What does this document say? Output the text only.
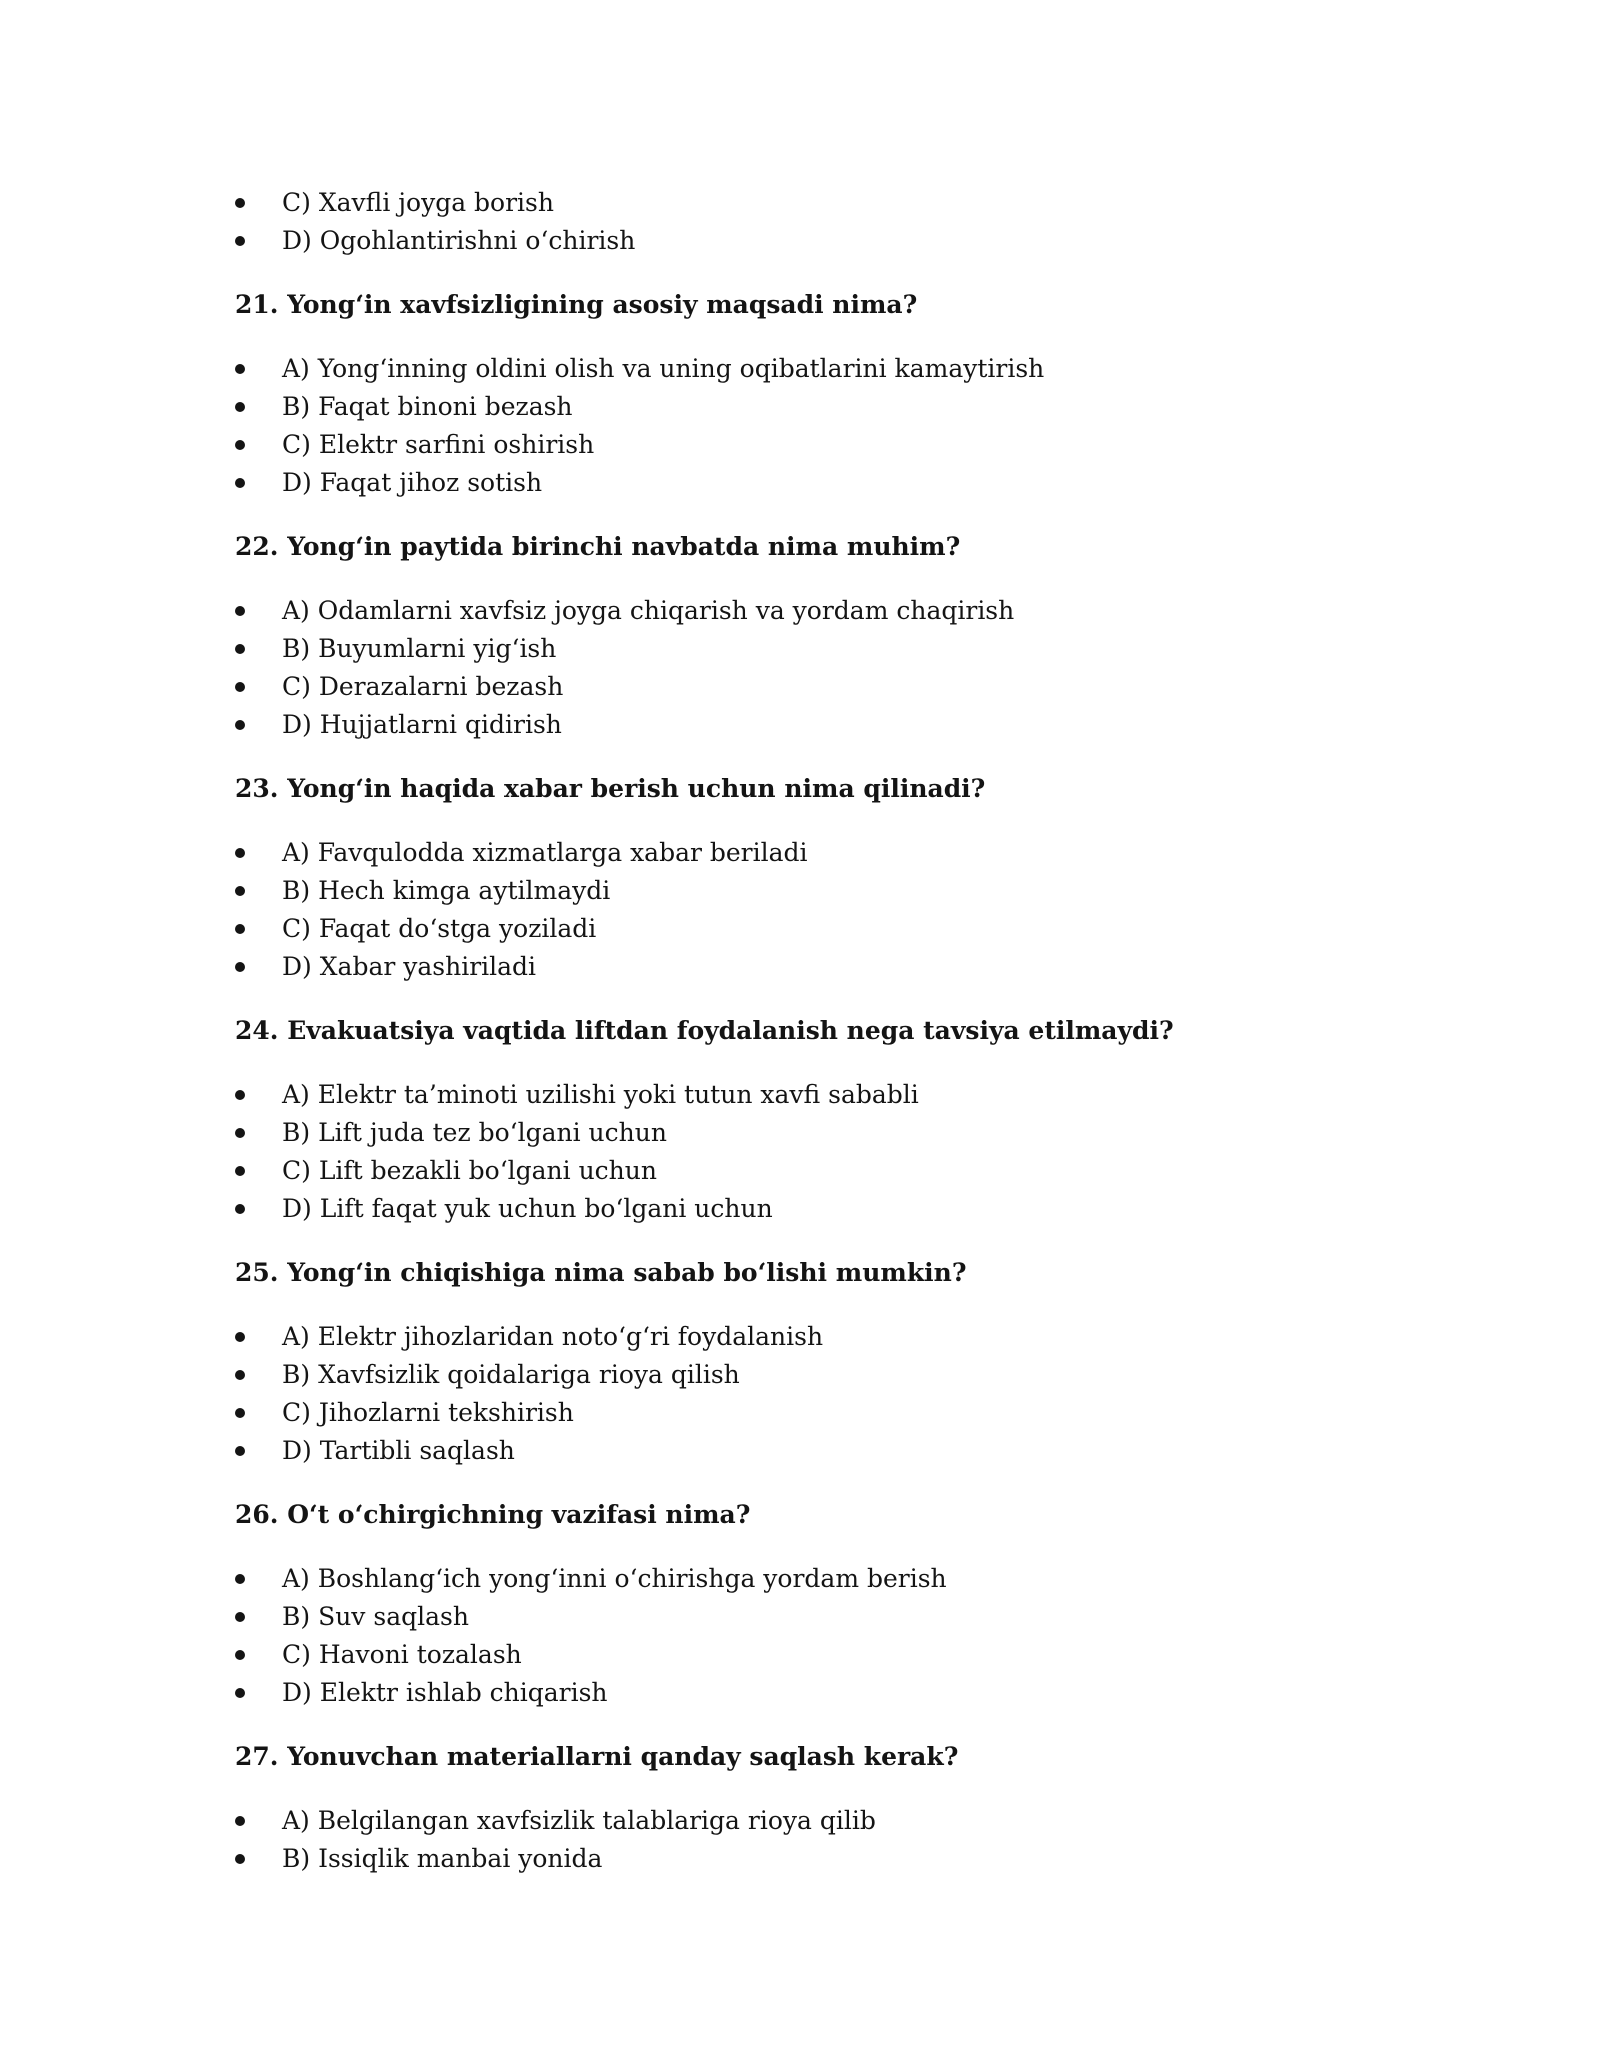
C) Xavfli joyga borish
D) Ogohlantirishni o‘chirish
21. Yong‘in xavfsizligining asosiy maqsadi nima?
A) Yong‘inning oldini olish va uning oqibatlarini kamaytirish
B) Faqat binoni bezash
C) Elektr sarfini oshirish
D) Faqat jihoz sotish
22. Yong‘in paytida birinchi navbatda nima muhim?
A) Odamlarni xavfsiz joyga chiqarish va yordam chaqirish
B) Buyumlarni yig‘ish
C) Derazalarni bezash
D) Hujjatlarni qidirish
23. Yong‘in haqida xabar berish uchun nima qilinadi?
A) Favqulodda xizmatlarga xabar beriladi
B) Hech kimga aytilmaydi
C) Faqat do‘stga yoziladi
D) Xabar yashiriladi
24. Evakuatsiya vaqtida liftdan foydalanish nega tavsiya etilmaydi?
A) Elektr ta’minoti uzilishi yoki tutun xavfi sababli
B) Lift juda tez bo‘lgani uchun
C) Lift bezakli bo‘lgani uchun
D) Lift faqat yuk uchun bo‘lgani uchun
25. Yong‘in chiqishiga nima sabab bo‘lishi mumkin?
A) Elektr jihozlaridan noto‘g‘ri foydalanish
B) Xavfsizlik qoidalariga rioya qilish
C) Jihozlarni tekshirish
D) Tartibli saqlash
26. O‘t o‘chirgichning vazifasi nima?
A) Boshlang‘ich yong‘inni o‘chirishga yordam berish
B) Suv saqlash
C) Havoni tozalash
D) Elektr ishlab chiqarish
27. Yonuvchan materiallarni qanday saqlash kerak?
A) Belgilangan xavfsizlik talablariga rioya qilib
B) Issiqlik manbai yonida
